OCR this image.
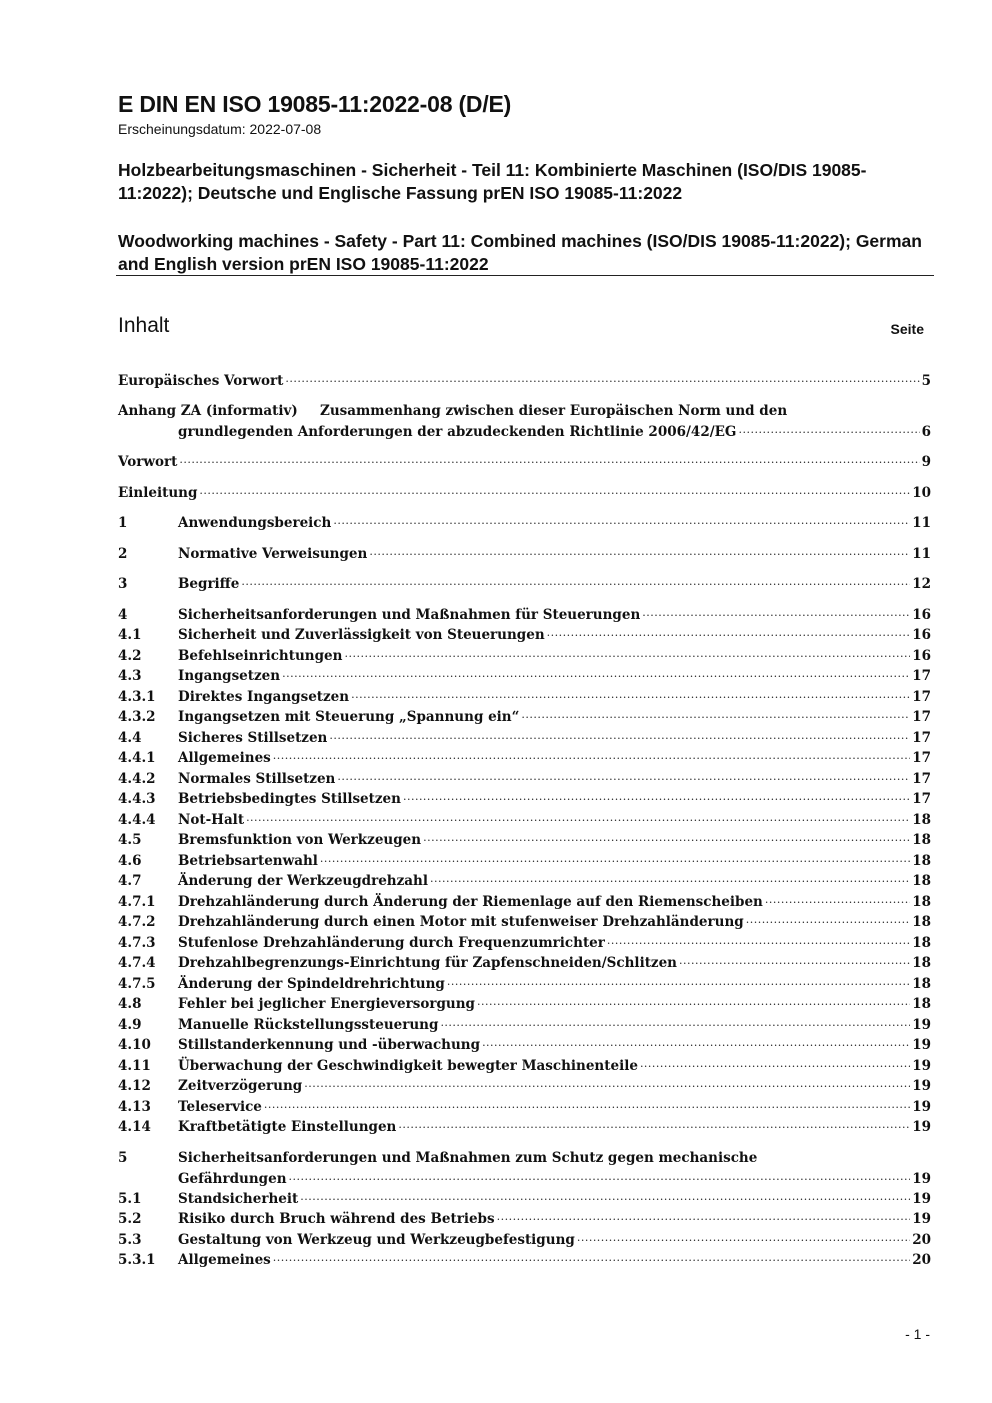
E DIN EN ISO 19085-11:2022-08 (D/E)
Erscheinungsdatum: 2022-07-08
Holzbearbeitungsmaschinen - Sicherheit - Teil 11: Kombinierte Maschinen (ISO/DIS 19085-11:2022); Deutsche und Englische Fassung prEN ISO 19085-11:2022
Woodworking machines - Safety - Part 11: Combined machines (ISO/DIS 19085-11:2022); German and English version prEN ISO 19085-11:2022
Inhalt	Seite
Europäisches Vorwort .....	5
Anhang ZA (informativ) Zusammenhang zwischen dieser Europäischen Norm und den
grundlegenden Anforderungen der abzudeckenden Richtlinie 2006/42/EG .....	6
Vorwort .....	9
Einleitung .....	10
1	Anwendungsbereich .....	11
2	Normative Verweisungen .....	11
3	Begriffe .....	12
4	Sicherheitsanforderungen und Maßnahmen für Steuerungen .....	16
4.1	Sicherheit und Zuverlässigkeit von Steuerungen .....	16
4.2	Befehlseinrichtungen .....	16
4.3	Ingangsetzen .....	17
4.3.1 Direktes Ingangsetzen .....	17
4.3.2 Ingangsetzen mit Steuerung „Spannung ein“ .....	17
4.4	Sicheres Stillsetzen .....	17
4.4.1 Allgemeines .....	17
4.4.2 Normales Stillsetzen .....	17
4.4.3 Betriebsbedingtes Stillsetzen .....	17
4.4.4 Not-Halt .....	18
4.5	Bremsfunktion von Werkzeugen .....	18
4.6	Betriebsartenwahl .....	18
4.7	Änderung der Werkzeugdrehzahl .....	18
4.7.1 Drehzahländerung durch Änderung der Riemenlage auf den Riemenscheiben .....	18
4.7.2 Drehzahländerung durch einen Motor mit stufenweiser Drehzahländerung .....	18
4.7.3 Stufenlose Drehzahländerung durch Frequenzumrichter .....	18
4.7.4 Drehzahlbegrenzungs-Einrichtung für Zapfenschneiden/Schlitzen .....	18
4.7.5 Änderung der Spindeldrehrichtung .....	18
4.8	Fehler bei jeglicher Energieversorgung .....	18
4.9	Manuelle Rückstellungssteuerung .....	19
4.10 Stillstanderkennung und -überwachung .....	19
4.11 Überwachung der Geschwindigkeit bewegter Maschinenteile .....	19
4.12 Zeitverzögerung .....	19
4.13 Teleservice .....	19
4.14 Kraftbetätigte Einstellungen .....	19
5	Sicherheitsanforderungen und Maßnahmen zum Schutz gegen mechanische
Gefährdungen .....	19
5.1	Standsicherheit .....	19
5.2	Risiko durch Bruch während des Betriebs .....	19
5.3	Gestaltung von Werkzeug und Werkzeugbefestigung .....	20
5.3.1 Allgemeines .....	20
- 1 -
